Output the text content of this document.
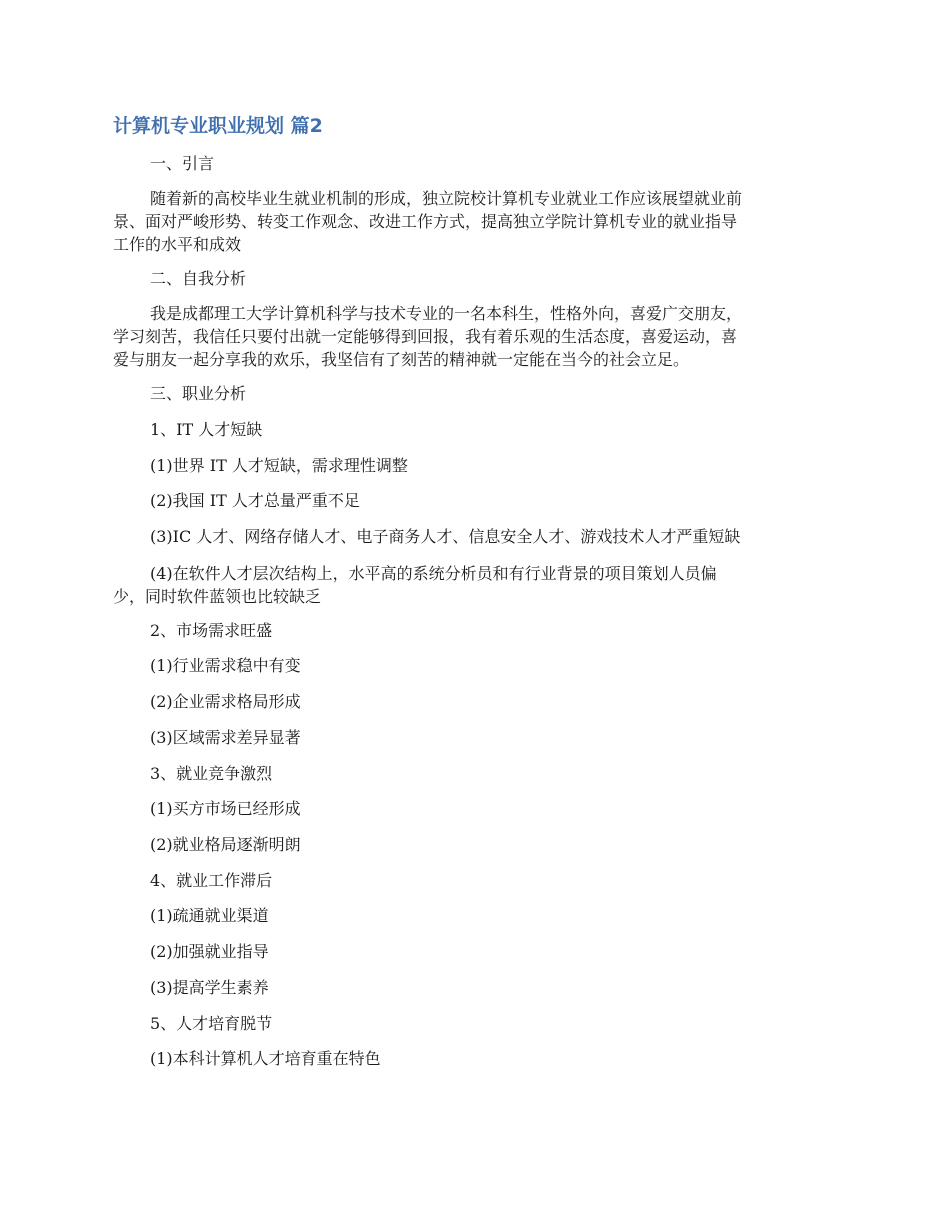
计算机专业职业规划 篇2
一、引言
随着新的高校毕业生就业机制的形成，独立院校计算机专业就业工作应该展望就业前
景、面对严峻形势、转变工作观念、改进工作方式，提高独立学院计算机专业的就业指导
工作的水平和成效
二、自我分析
我是成都理工大学计算机科学与技术专业的一名本科生，性格外向，喜爱广交朋友，
学习刻苦，我信任只要付出就一定能够得到回报，我有着乐观的生活态度，喜爱运动，喜
爱与朋友一起分享我的欢乐，我坚信有了刻苦的精神就一定能在当今的社会立足。
三、职业分析
1、IT 人才短缺
(1)世界 IT 人才短缺，需求理性调整
(2)我国 IT 人才总量严重不足
(3)IC 人才、网络存储人才、电子商务人才、信息安全人才、游戏技术人才严重短缺
(4)在软件人才层次结构上，水平高的系统分析员和有行业背景的项目策划人员偏
少，同时软件蓝领也比较缺乏
2、市场需求旺盛
(1)行业需求稳中有变
(2)企业需求格局形成
(3)区域需求差异显著
3、就业竞争激烈
(1)买方市场已经形成
(2)就业格局逐渐明朗
4、就业工作滞后
(1)疏通就业渠道
(2)加强就业指导
(3)提高学生素养
5、人才培育脱节
(1)本科计算机人才培育重在特色
